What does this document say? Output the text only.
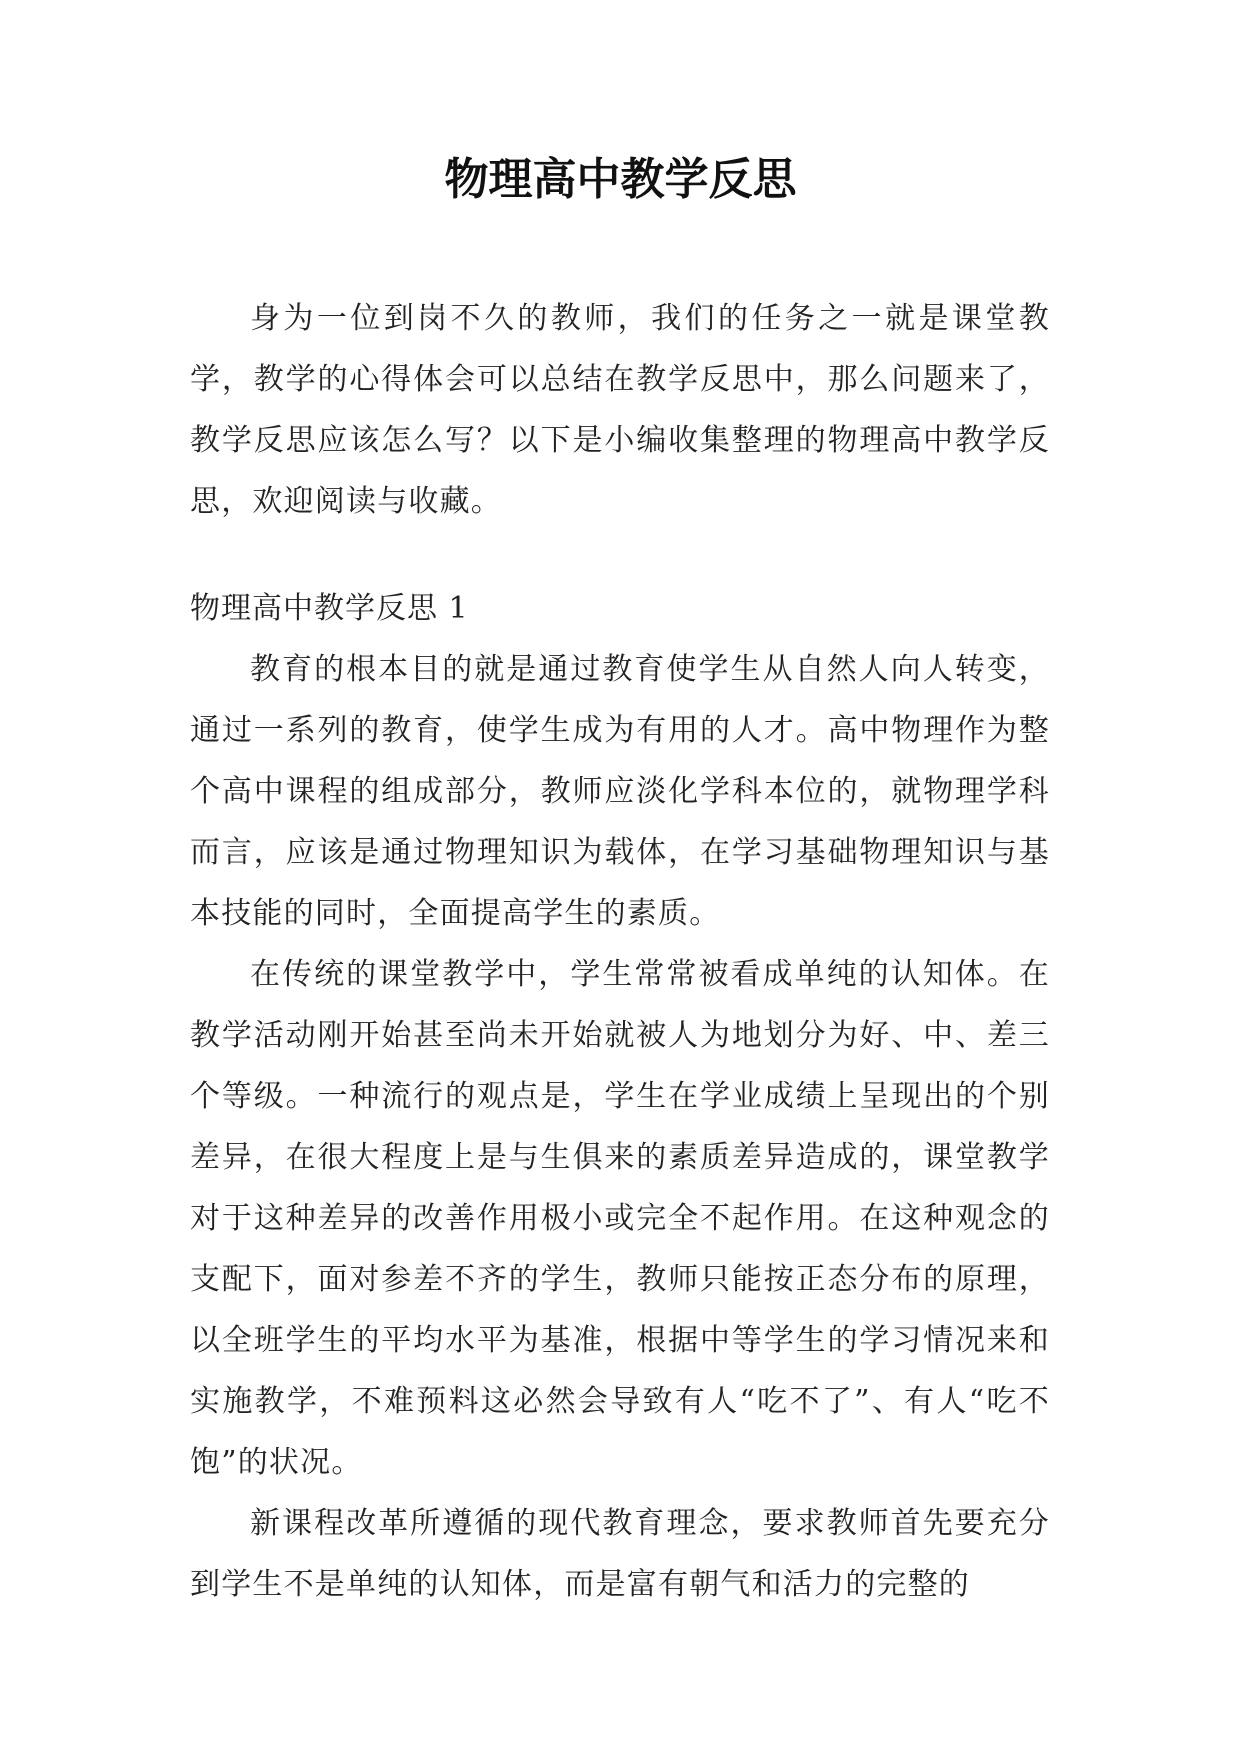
物理高中教学反思

身为一位到岗不久的教师，我们的任务之一就是课堂教学，教学的心得体会可以总结在教学反思中，那么问题来了，教学反思应该怎么写？以下是小编收集整理的物理高中教学反思，欢迎阅读与收藏。

物理高中教学反思 1

教育的根本目的就是通过教育使学生从自然人向人转变，通过一系列的教育，使学生成为有用的人才。高中物理作为整个高中课程的组成部分，教师应淡化学科本位的，就物理学科而言，应该是通过物理知识为载体，在学习基础物理知识与基本技能的同时，全面提高学生的素质。

在传统的课堂教学中，学生常常被看成单纯的认知体。在教学活动刚开始甚至尚未开始就被人为地划分为好、中、差三个等级。一种流行的观点是，学生在学业成绩上呈现出的个别差异，在很大程度上是与生俱来的素质差异造成的，课堂教学对于这种差异的改善作用极小或完全不起作用。在这种观念的支配下，面对参差不齐的学生，教师只能按正态分布的原理，以全班学生的平均水平为基准，根据中等学生的学习情况来和实施教学，不难预料这必然会导致有人“吃不了”、有人“吃不饱”的状况。

新课程改革所遵循的现代教育理念，要求教师首先要充分到学生不是单纯的认知体，而是富有朝气和活力的完整的
